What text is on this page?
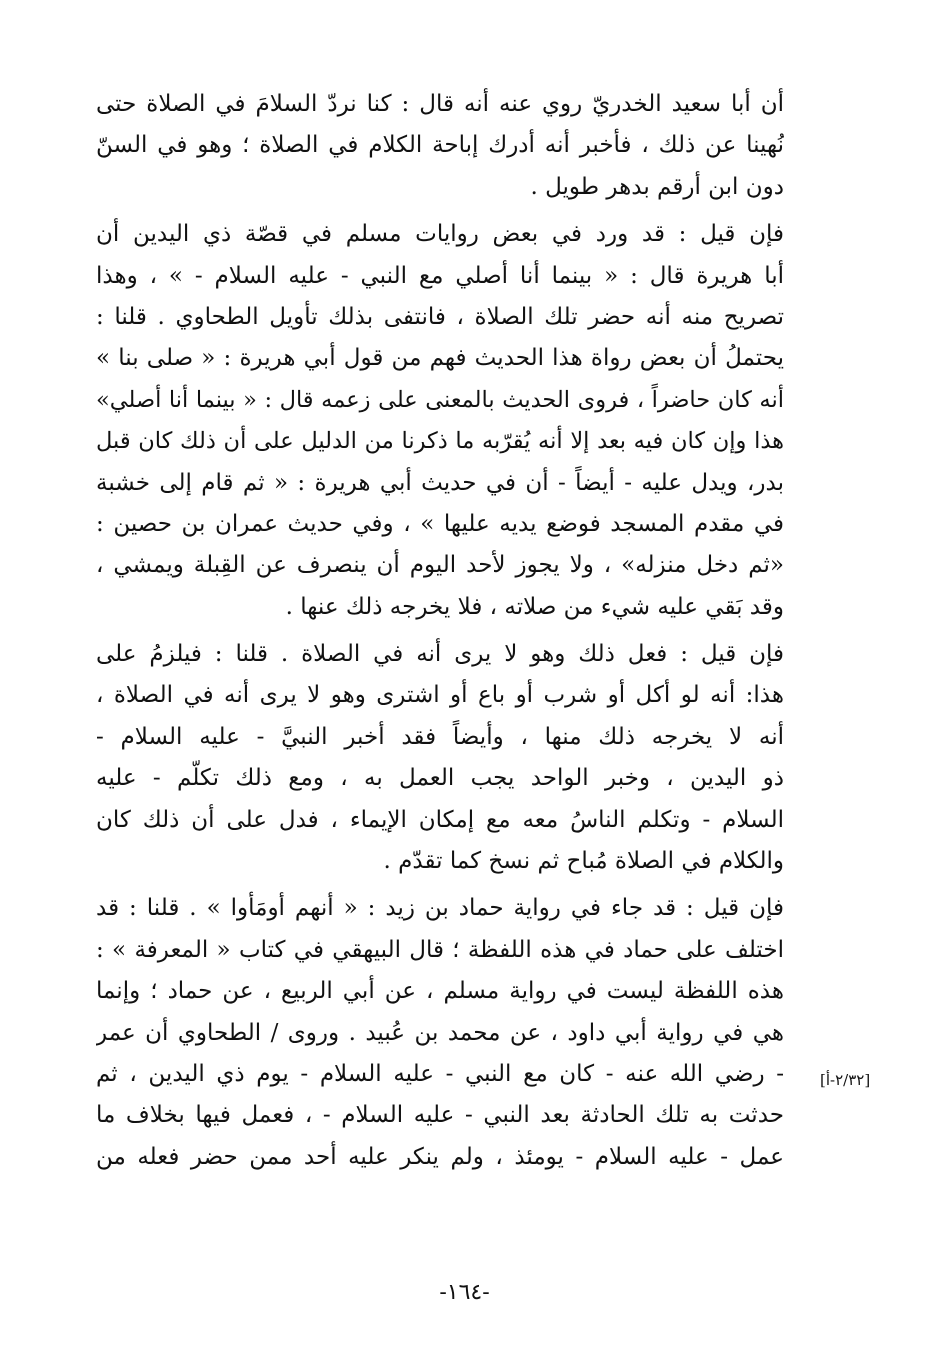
أن أبا سعيد الخدريّ روي عنه أنه قال : كنا نردّ السلامَ في الصلاة حتى
نُهينا عن ذلك ، فأخبر أنه أدرك إباحة الكلام في الصلاة ؛ وهو في السنّ
دون ابن أرقم بدهر طويل .
فإن قيل : قد ورد في بعض روايات مسلم في قصّة ذي اليدين أن
أبا هريرة قال : « بينما أنا أصلي مع النبي - عليه السلام - » ، وهذا
تصريح منه أنه حضر تلك الصلاة ، فانتفى بذلك تأويل الطحاوي . قلنا :
يحتملُ أن بعض رواة هذا الحديث فهم من قول أبي هريرة : « صلى بنا »
أنه كان حاضراً ، فروى الحديث بالمعنى على زعمه قال : « بينما أنا أصلي»
هذا وإن كان فيه بعد إلا أنه يُقرّبه ما ذكرنا من الدليل على أن ذلك كان قبل
بدر، ويدل عليه - أيضاً - أن في حديث أبي هريرة : « ثم قام إلى خشبة
في مقدم المسجد فوضع يديه عليها » ، وفي حديث عمران بن حصين :
«ثم دخل منزله» ، ولا يجوز لأحد اليوم أن ينصرف عن القِبلة ويمشي ،
وقد بَقي عليه شيء من صلاته ، فلا يخرجه ذلك عنها .
فإن قيل : فعل ذلك وهو لا يرى أنه في الصلاة . قلنا : فيلزمُ على
هذا: أنه لو أكل أو شرب أو باع أو اشترى وهو لا يرى أنه في الصلاة ،
أنه لا يخرجه ذلك منها ، وأيضاً فقد أخبر النبيَّ - عليه السلام -
ذو اليدين ، وخبر الواحد يجب العمل به ، ومع ذلك تكلّم - عليه
السلام - وتكلم الناسُ معه مع إمكان الإيماء ، فدل على أن ذلك كان
والكلام في الصلاة مُباح ثم نسخ كما تقدّم .
فإن قيل : قد جاء في رواية حماد بن زيد : « أنهم أومَأوا » . قلنا : قد
اختلف على حماد في هذه اللفظة ؛ قال البيهقي في كتاب « المعرفة » :
هذه اللفظة ليست في رواية مسلم ، عن أبي الربيع ، عن حماد ؛ وإنما
هي في رواية أبي داود ، عن محمد بن عُبيد . وروى / الطحاوي أن عمر
- رضي الله عنه - كان مع النبي - عليه السلام - يوم ذي اليدين ، ثم
حدثت به تلك الحادثة بعد النبي - عليه السلام - ، فعمل فيها بخلاف ما
عمل - عليه السلام - يومئذ ، ولم ينكر عليه أحد ممن حضر فعله من
[٢/٣٢-أ]
-١٦٤-
